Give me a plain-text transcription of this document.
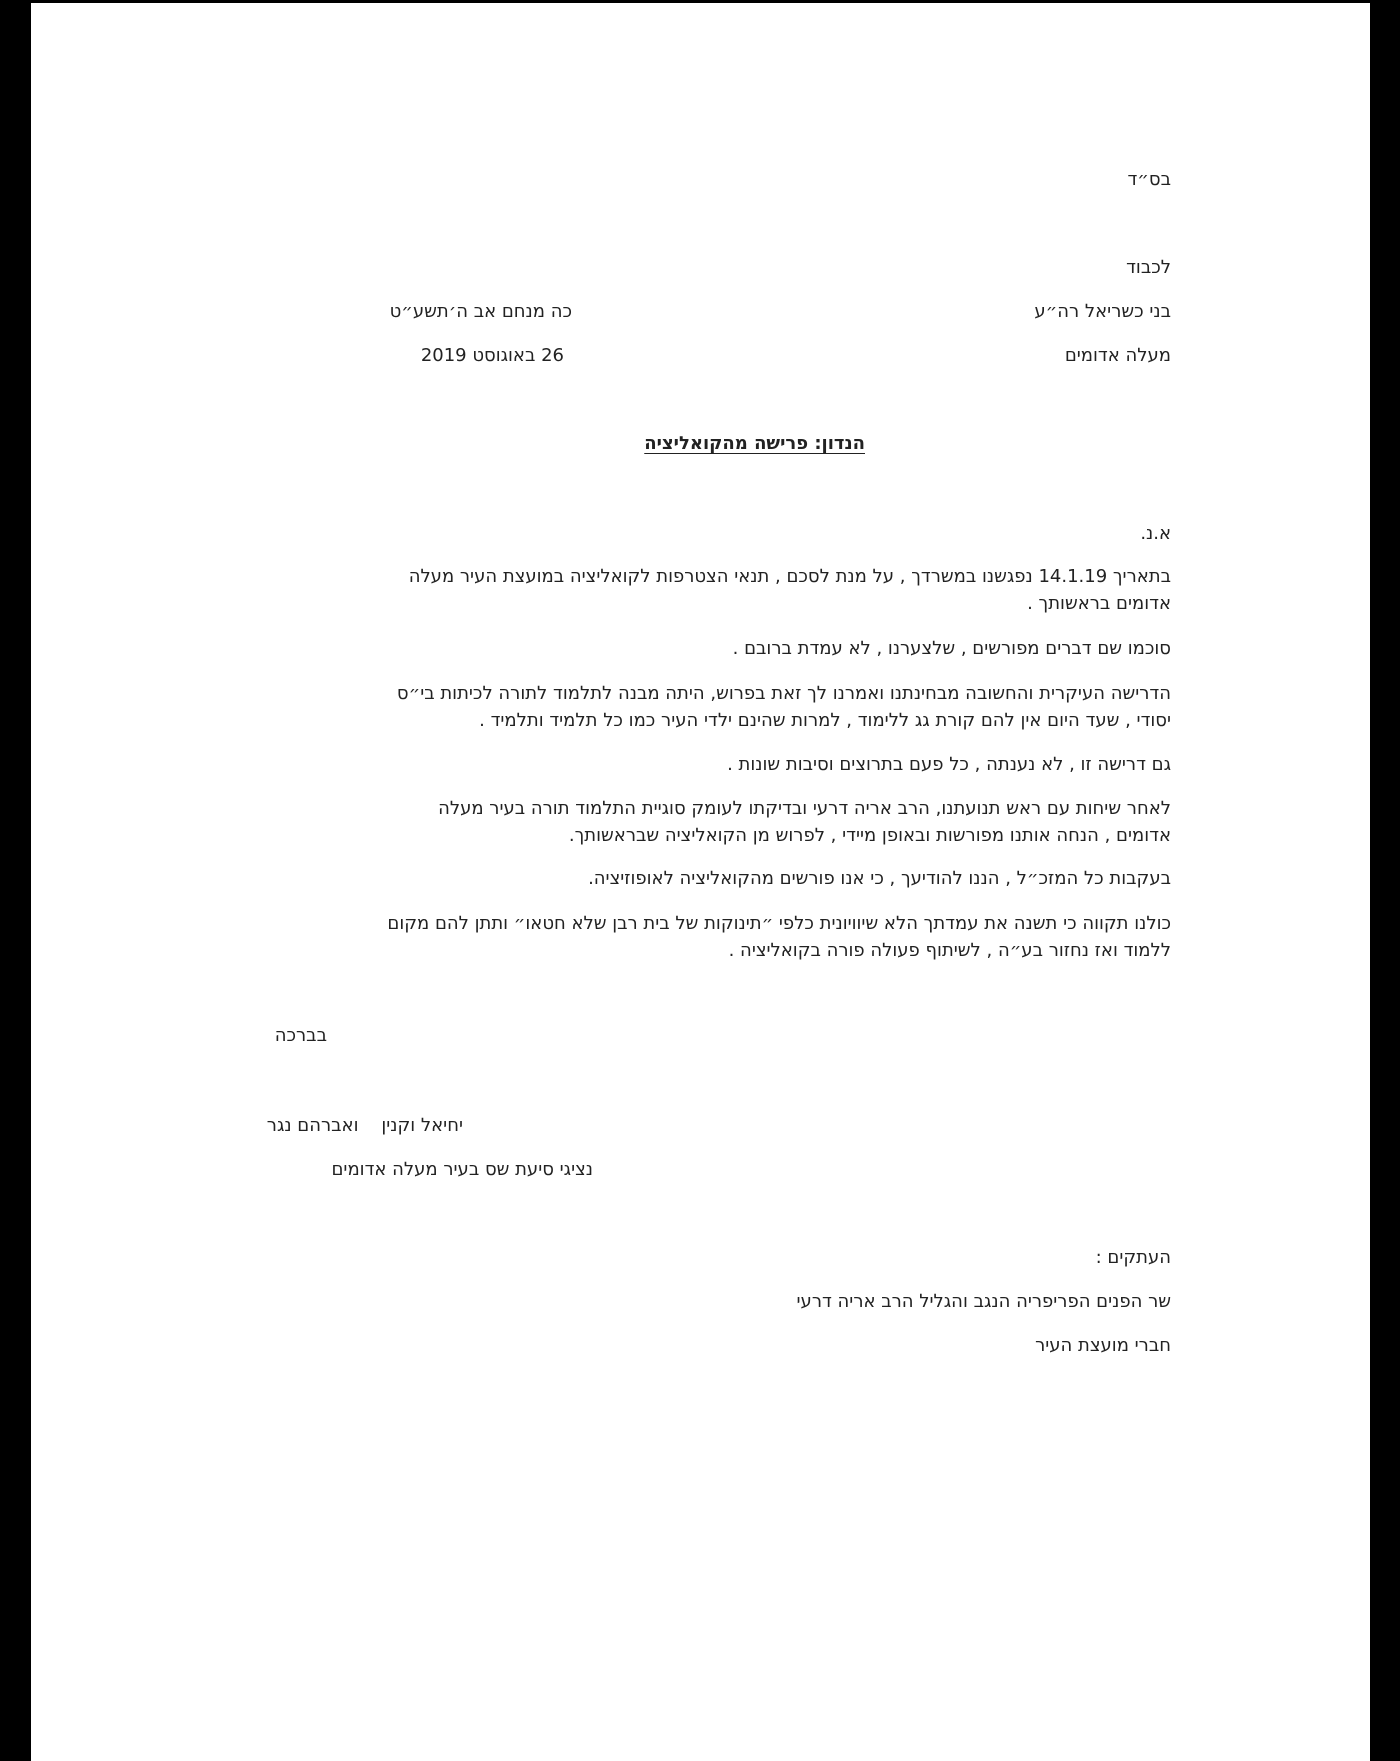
בס״ד

לכבוד

בני כשריאל רה״ע

מעלה אדומים

כה מנחם אב ה׳תשע״ט

26 באוגוסט 2019

הנדון: פרישה מהקואליציה

א.נ.

בתאריך 14.1.19 נפגשנו במשרדך , על מנת לסכם , תנאי הצטרפות לקואליציה במועצת העיר מעלה
אדומים בראשותך .
סוכמו שם דברים מפורשים , שלצערנו , לא עמדת ברובם .
הדרישה העיקרית והחשובה מבחינתנו ואמרנו לך זאת בפרוש, היתה מבנה לתלמוד לתורה לכיתות בי״ס
יסודי , שעד היום אין להם קורת גג ללימוד , למרות שהינם ילדי העיר כמו כל תלמיד ותלמיד .
גם דרישה זו , לא נענתה , כל פעם בתרוצים וסיבות שונות .
לאחר שיחות עם ראש תנועתנו, הרב אריה דרעי ובדיקתו לעומק סוגיית התלמוד תורה בעיר מעלה
אדומים , הנחה אותנו מפורשות ובאופן מיידי , לפרוש מן הקואליציה שבראשותך.
בעקבות כל המזכ״ל , הננו להודיעך , כי אנו פורשים מהקואליציה לאופוזיציה.
כולנו תקווה כי תשנה את עמדתך הלא שיוויונית כלפי ״תינוקות של בית רבן שלא חטאו״ ותתן להם מקום
ללמוד ואז נחזור בע״ה , לשיתוף פעולה פורה בקואליציה .

בברכה

יחיאל וקנין    ואברהם נגר

נציגי סיעת שס בעיר מעלה אדומים

העתקים :

שר הפנים הפריפריה הנגב והגליל הרב אריה דרעי

חברי מועצת העיר
